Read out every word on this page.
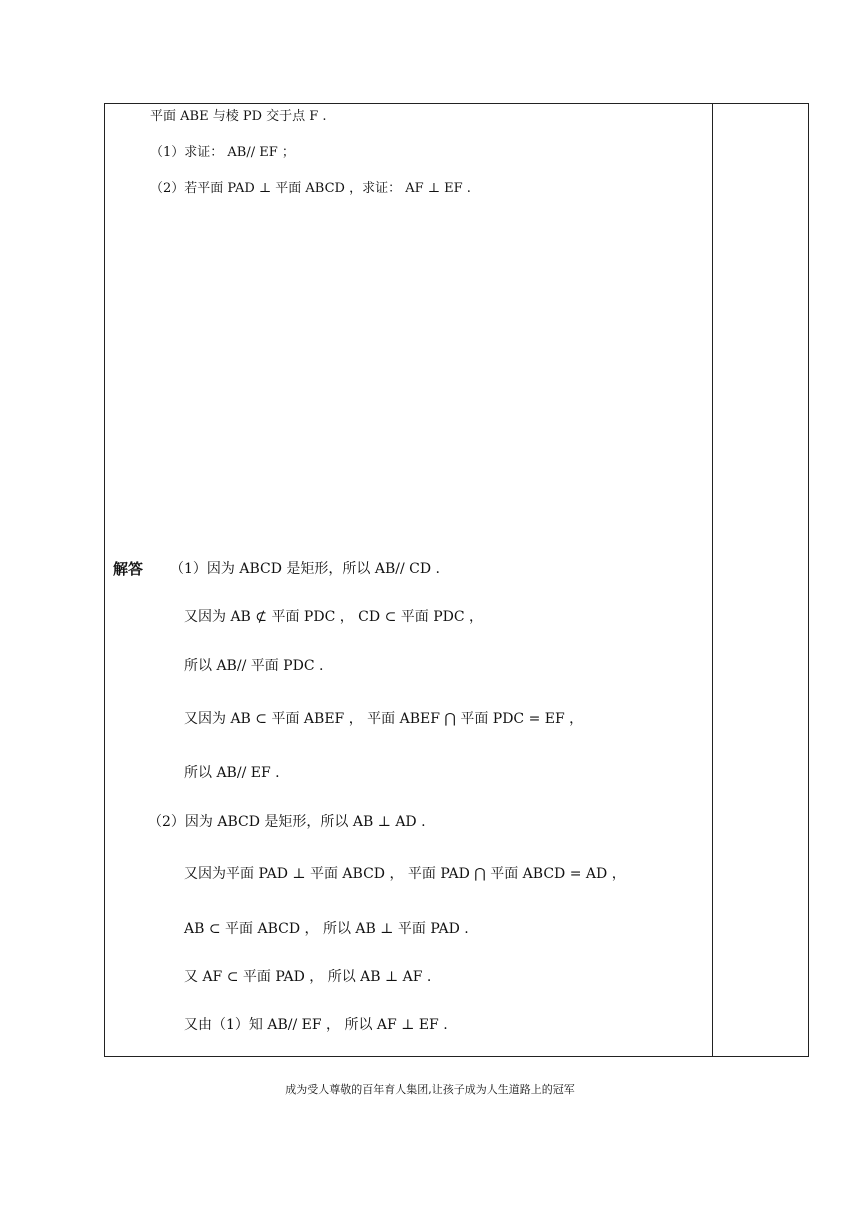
平面 ABE 与棱 PD 交于点 F .
（1）求证： AB// EF ；
（2）若平面 PAD ⊥ 平面 ABCD ，求证： AF ⊥ EF .
解答 （1）因为 ABCD 是矩形，所以 AB// CD .
又因为 AB ⊄ 平面 PDC ， CD ⊂ 平面 PDC ，
所以 AB// 平面 PDC .
又因为 AB ⊂ 平面 ABEF ， 平面 ABEF ⋂ 平面 PDC = EF ，
所以 AB// EF .
（2）因为 ABCD 是矩形，所以 AB ⊥ AD .
又因为平面 PAD ⊥ 平面 ABCD ， 平面 PAD ⋂ 平面 ABCD = AD ，
AB ⊂ 平面 ABCD ， 所以 AB ⊥ 平面 PAD .
又 AF ⊂ 平面 PAD ， 所以 AB ⊥ AF .
又由（1）知 AB// EF ， 所以 AF ⊥ EF .
成为受人尊敬的百年育人集团,让孩子成为人生道路上的冠军
